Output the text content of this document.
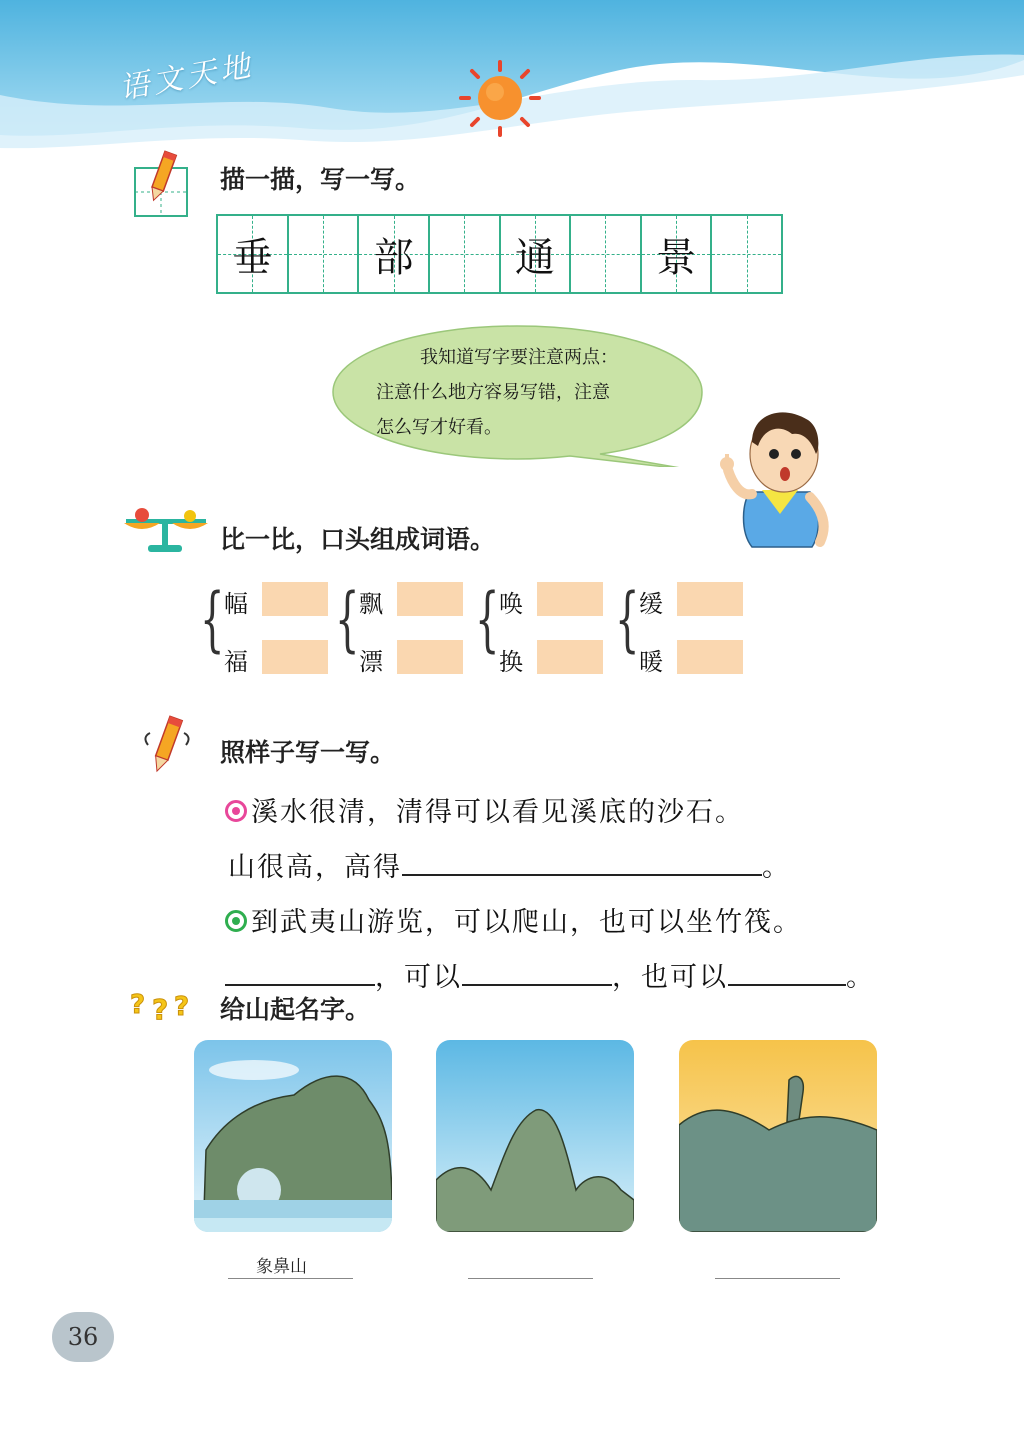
语文天地
描一描，写一写。
垂	部	通	景
我知道写字要注意两点：
注意什么地方容易写错，注意
怎么写才好看。
比一比，口头组成词语。
{ 幅
福
{ 飘
漂
{ 唤
换
{ 缓
暖
照样子写一写。
溪水很清，清得可以看见溪底的沙石。
山很高，高得	。
到武夷山游览，可以爬山，也可以坐竹筏。
，可以	，也可以	。
? ? ? 给山起名字。
象鼻山
36
